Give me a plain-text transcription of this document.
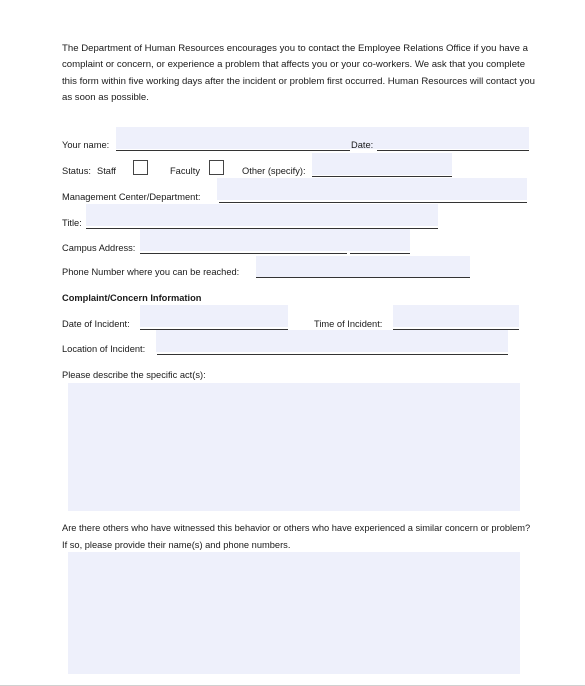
The Department of Human Resources encourages you to contact the Employee Relations Office if you have a complaint or concern, or experience a problem that affects you or your co-workers. We ask that you complete this form within five working days after the incident or problem first occurred. Human Resources will contact you as soon as possible.
Your name:	Date:
Status: Staff	Faculty	Other (specify):
Management Center/Department:
Title:
Campus Address:
Phone Number where you can be reached:
Complaint/Concern Information
Date of Incident:	Time of Incident:
Location of Incident:
Please describe the specific act(s):
Are there others who have witnessed this behavior or others who have experienced a similar concern or problem? If so, please provide their name(s) and phone numbers.
